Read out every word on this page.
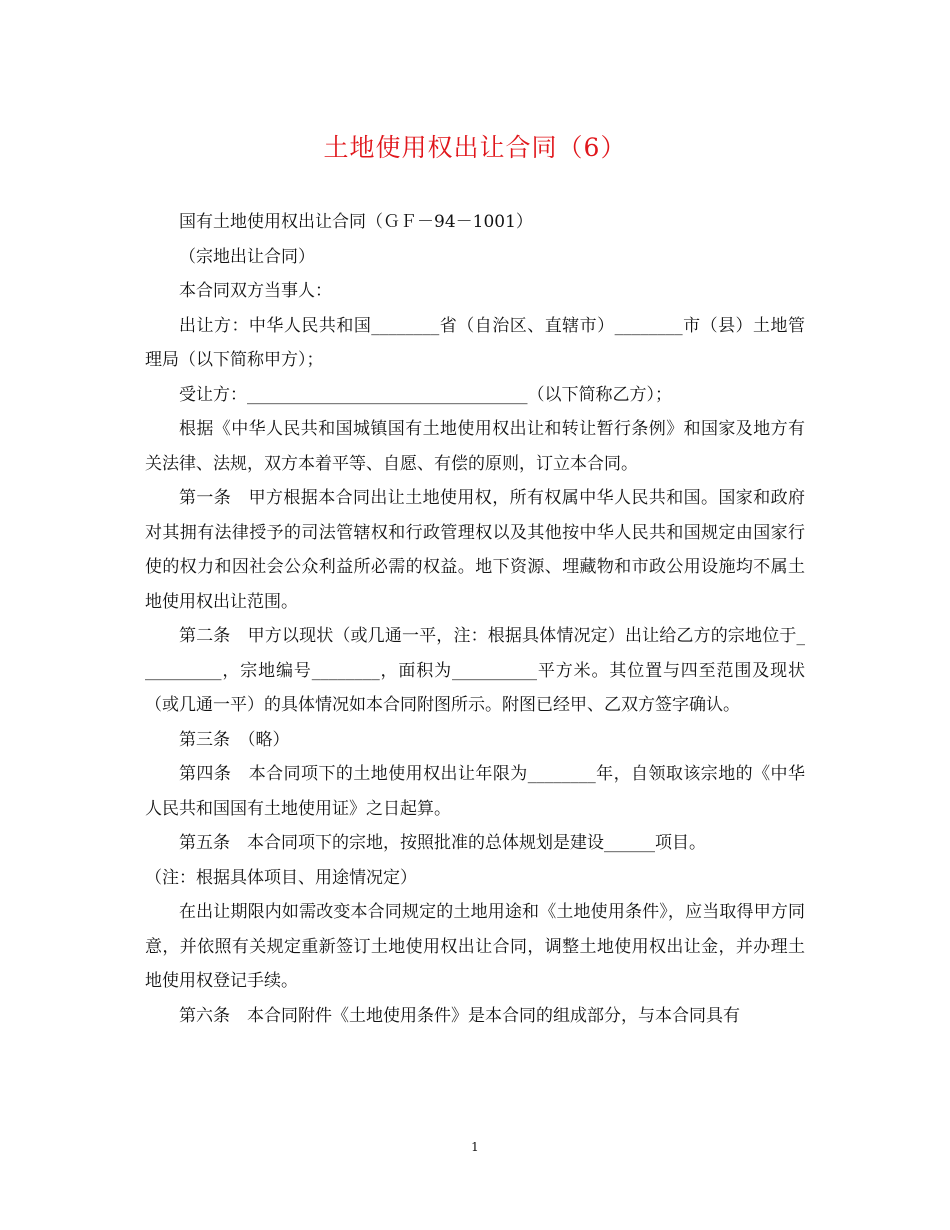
土地使用权出让合同（6）

国有土地使用权出让合同（ＧＦ－94－1001）

（宗地出让合同）

本合同双方当事人：

出让方：中华人民共和国________省（自治区、直辖市）________市（县）土地管理局（以下简称甲方）；

受让方：_________________________________（以下简称乙方）；

根据《中华人民共和国城镇国有土地使用权出让和转让暂行条例》和国家及地方有关法律、法规，双方本着平等、自愿、有偿的原则，订立本合同。

第一条　甲方根据本合同出让土地使用权，所有权属中华人民共和国。国家和政府对其拥有法律授予的司法管辖权和行政管理权以及其他按中华人民共和国规定由国家行使的权力和因社会公众利益所必需的权益。地下资源、埋藏物和市政公用设施均不属土地使用权出让范围。

第二条　甲方以现状（或几通一平，注：根据具体情况定）出让给乙方的宗地位于__________，宗地编号________，面积为__________平方米。其位置与四至范围及现状（或几通一平）的具体情况如本合同附图所示。附图已经甲、乙双方签字确认。

第三条　（略）

第四条　本合同项下的土地使用权出让年限为________年，自领取该宗地的《中华人民共和国国有土地使用证》之日起算。

第五条　本合同项下的宗地，按照批准的总体规划是建设______项目。

（注：根据具体项目、用途情况定）

在出让期限内如需改变本合同规定的土地用途和《土地使用条件》，应当取得甲方同意，并依照有关规定重新签订土地使用权出让合同，调整土地使用权出让金，并办理土地使用权登记手续。

第六条　本合同附件《土地使用条件》是本合同的组成部分，与本合同具有

1
